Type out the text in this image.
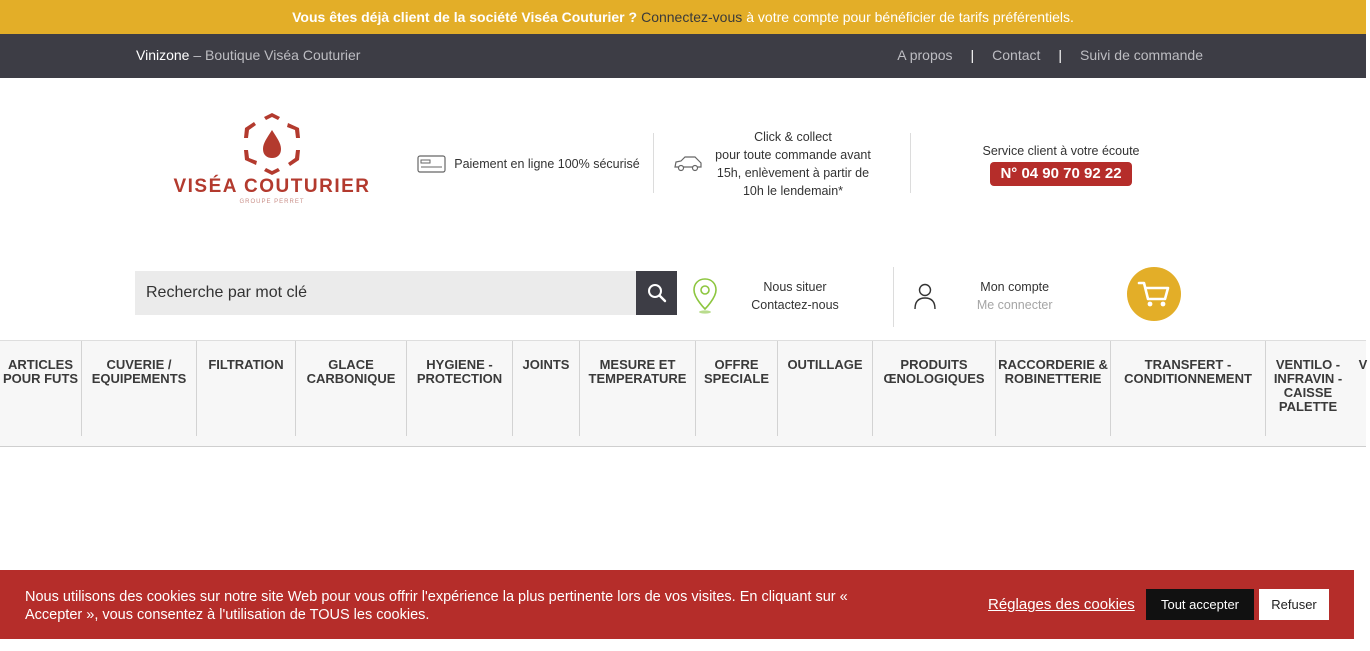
Vous êtes déjà client de la société Viséa Couturier ? Connectez-vous à votre compte pour bénéficier de tarifs préférentiels.
Vinizone – Boutique Viséa Couturier	A propos | Contact | Suivi de commande
VISÉA COUTURIER
GROUPE PERRET
Paiement en ligne 100% sécurisé
Click & collect
pour toute commande avant 15h, enlèvement à partir de 10h le lendemain*
Service client à votre écoute
N° 04 90 70 92 22
Recherche par mot clé
Nous situer
Contactez-nous
Mon compte
Me connecter
ARTICLES POUR FUTS
CUVERIE / EQUIPEMENTS
FILTRATION	GLACE CARBONIQUE
HYGIENE - PROTECTION
JOINTS	MESURE ET TEMPERATURE
OFFRE SPECIALE
OUTILLAGE	PRODUITS ŒNOLOGIQUES
RACCORDERIE & ROBINETTERIE
TRANSFERT - CONDITIONNEMENT
VENTILO - INFRAVIN - CAISSE PALETTE
V
Nous utilisons des cookies sur notre site Web pour vous offrir l'expérience la plus pertinente lors de vos visites. En cliquant sur « Accepter », vous consentez à l'utilisation de TOUS les cookies.
Réglages des cookies	Tout accepter	Refuser
